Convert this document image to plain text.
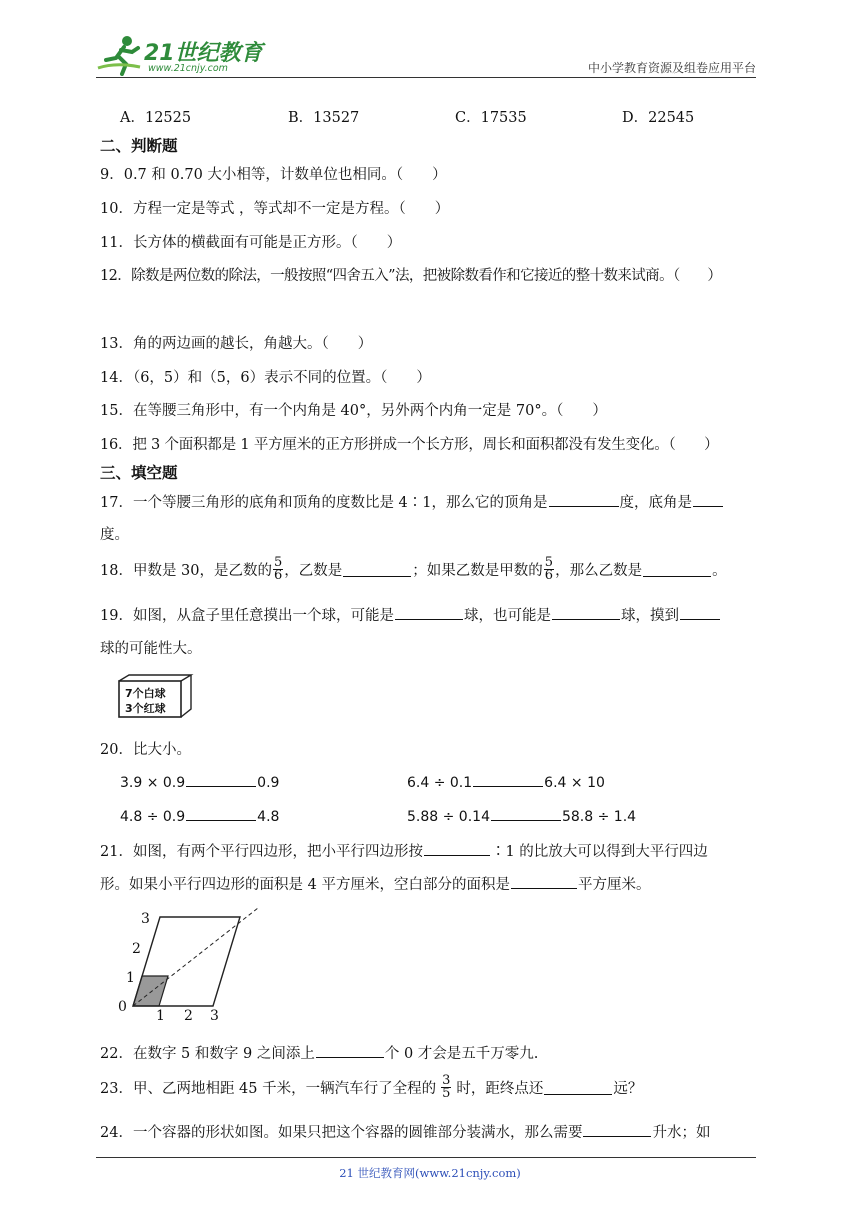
21世纪教育
www.21cnjy.com	中小学教育资源及组卷应用平台
A．12525	B．13527	C．17535	D．22545
二、判断题
9．0.7 和 0.70 大小相等，计数单位也相同。（　　）
10．方程一定是等式 ，等式却不一定是方程。（　　）
11．长方体的横截面有可能是正方形。（　　）
12．除数是两位数的除法，一般按照“四舍五入”法，把被除数看作和它接近的整十数来试商。（　　）
13．角的两边画的越长，角越大。（　　）
14．（6，5）和（5，6）表示不同的位置。（　　）
15．在等腰三角形中，有一个内角是 40°，另外两个内角一定是 70°。（　　）
16．把 3 个面积都是 1 平方厘米的正方形拼成一个长方形，周长和面积都没有发生变化。（　　）
三、填空题
17．一个等腰三角形的底角和顶角的度数比是 4∶1，那么它的顶角是	度，底角是
度。
18．甲数是 30，是乙数的 $\frac{5}{6}$ ，乙数是	；如果乙数是甲数的 $\frac{5}{6}$ ，那么乙数是	。
19．如图，从盒子里任意摸出一个球，可能是	球，也可能是	球，摸到
球的可能性大。
7个白球
3个红球
20．比大小。
3.9 × 0.9	0.9	6.4 ÷ 0.1	6.4 × 10
4.8 ÷ 0.9	4.8	5.88 ÷ 0.14	58.8 ÷ 1.4
21．如图，有两个平行四边形，把小平行四边形按	∶1 的比放大可以得到大平行四边
形。如果小平行四边形的面积是 4 平方厘米，空白部分的面积是	平方厘米。
3
2
1
0
1 2 3
22．在数字 5 和数字 9 之间添上	个 0 才会是五千万零九.
23．甲、乙两地相距 45 千米，一辆汽车行了全程的 $\frac{3}{5}$ 时，距终点还	远？
24．一个容器的形状如图。如果只把这个容器的圆锥部分装满水，那么需要	升水；如
21 世纪教育网(www.21cnjy.com)
